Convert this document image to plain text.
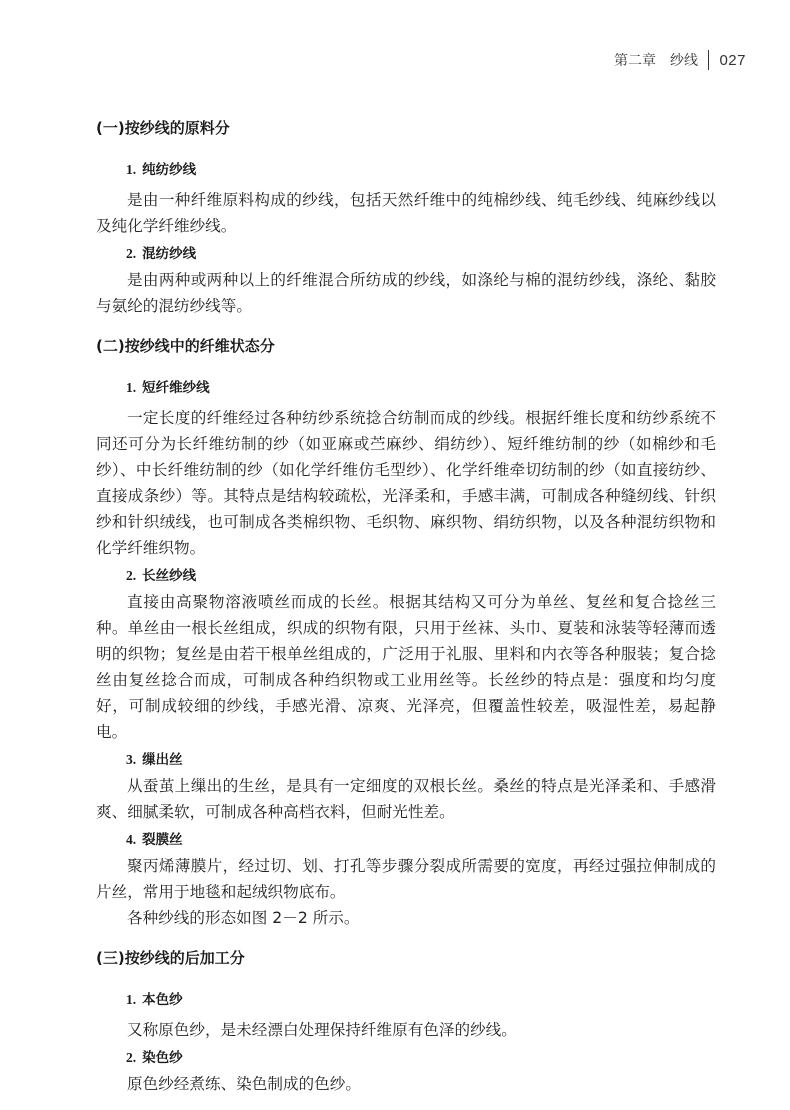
第二章　纱线 027
(一)按纱线的原料分
1. 纯纺纱线
是由一种纤维原料构成的纱线，包括天然纤维中的纯棉纱线、纯毛纱线、纯麻纱线以及纯化学纤维纱线。
2. 混纺纱线
是由两种或两种以上的纤维混合所纺成的纱线，如涤纶与棉的混纺纱线，涤纶、黏胶与氨纶的混纺纱线等。
(二)按纱线中的纤维状态分
1. 短纤维纱线
一定长度的纤维经过各种纺纱系统捻合纺制而成的纱线。根据纤维长度和纺纱系统不同还可分为长纤维纺制的纱（如亚麻或苎麻纱、绢纺纱）、短纤维纺制的纱（如棉纱和毛纱）、中长纤维纺制的纱（如化学纤维仿毛型纱）、化学纤维牵切纺制的纱（如直接纺纱、直接成条纱）等。其特点是结构较疏松，光泽柔和，手感丰满，可制成各种缝纫线、针织纱和针织绒线，也可制成各类棉织物、毛织物、麻织物、绢纺织物，以及各种混纺织物和化学纤维织物。
2. 长丝纱线
直接由高聚物溶液喷丝而成的长丝。根据其结构又可分为单丝、复丝和复合捻丝三种。单丝由一根长丝组成，织成的织物有限，只用于丝袜、头巾、夏装和泳装等轻薄而透明的织物；复丝是由若干根单丝组成的，广泛用于礼服、里料和内衣等各种服装；复合捻丝由复丝捻合而成，可制成各种绉织物或工业用丝等。长丝纱的特点是：强度和均匀度好，可制成较细的纱线，手感光滑、凉爽、光泽亮，但覆盖性较差，吸湿性差，易起静电。
3. 缫出丝
从蚕茧上缫出的生丝，是具有一定细度的双根长丝。桑丝的特点是光泽柔和、手感滑爽、细腻柔软，可制成各种高档衣料，但耐光性差。
4. 裂膜丝
聚丙烯薄膜片，经过切、划、打孔等步骤分裂成所需要的宽度，再经过强拉伸制成的片丝，常用于地毯和起绒织物底布。
各种纱线的形态如图 2－2 所示。
(三)按纱线的后加工分
1. 本色纱
又称原色纱，是未经漂白处理保持纤维原有色泽的纱线。
2. 染色纱
原色纱经煮练、染色制成的色纱。
